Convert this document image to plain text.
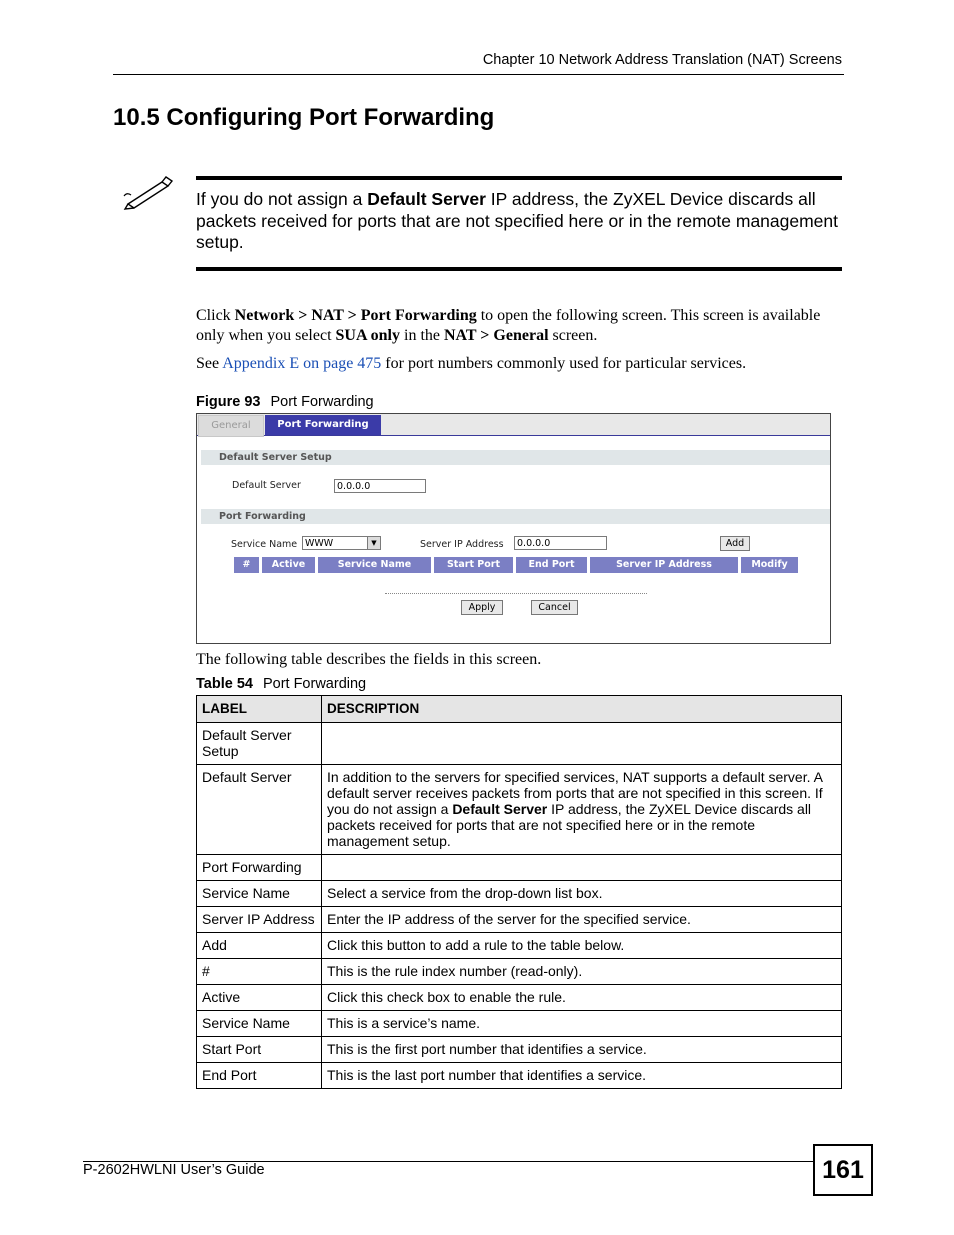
Chapter 10 Network Address Translation (NAT) Screens
10.5 Configuring Port Forwarding
If you do not assign a Default Server IP address, the ZyXEL Device discards all packets received for ports that are not specified here or in the remote management setup.
Click Network > NAT > Port Forwarding to open the following screen. This screen is available only when you select SUA only in the NAT > General screen.
See Appendix E on page 475 for port numbers commonly used for particular services.
Figure 93 Port Forwarding
General	Port Forwarding
Default Server Setup
Default Server	0.0.0.0
Port Forwarding
Service Name WWW	▼	Server IP Address	0.0.0.0	Add
#	Active	Service Name	Start Port	End Port	Server IP Address	Modify
Apply	Cancel
The following table describes the fields in this screen.
Table 54 Port Forwarding
LABEL	DESCRIPTION
Default Server Setup	
Default Server	In addition to the servers for specified services, NAT supports a default server. A default server receives packets from ports that are not specified in this screen. If you do not assign a Default Server IP address, the ZyXEL Device discards all packets received for ports that are not specified here or in the remote management setup.
Port Forwarding	
Service Name	Select a service from the drop-down list box.
Server IP Address	Enter the IP address of the server for the specified service.
Add	Click this button to add a rule to the table below.
#	This is the rule index number (read-only).
Active	Click this check box to enable the rule.
Service Name	This is a service’s name.
Start Port	This is the first port number that identifies a service.
End Port	This is the last port number that identifies a service.
P-2602HWLNI User’s Guide	161
